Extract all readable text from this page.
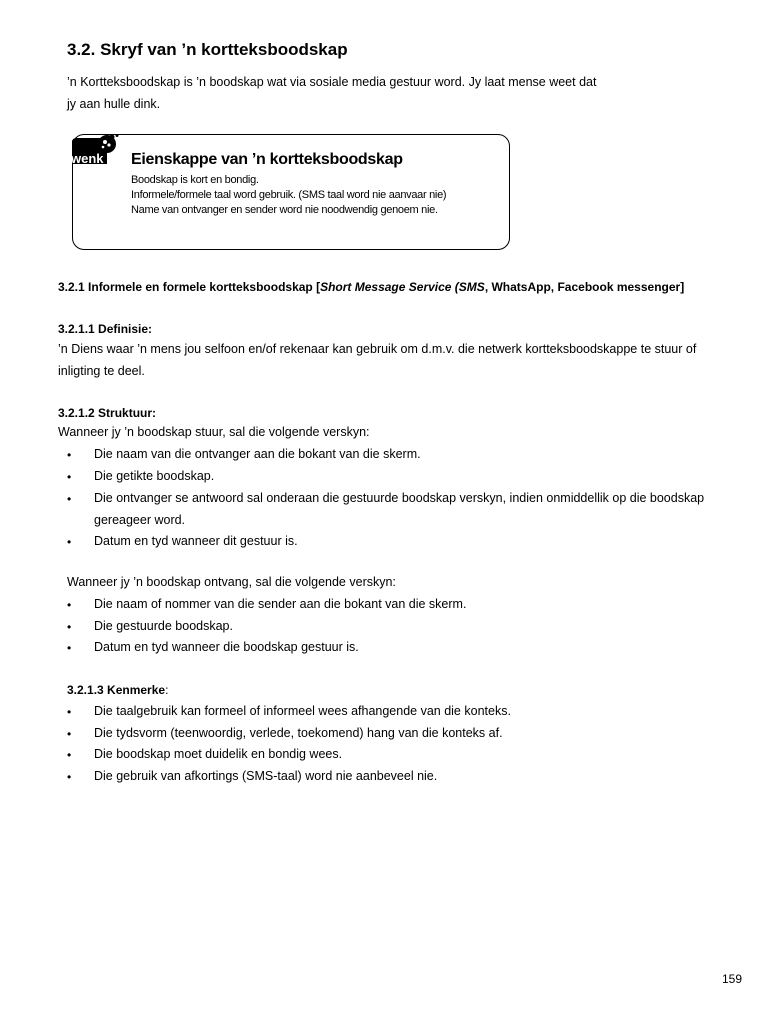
3.2. Skryf van ’n kortteksboodskap
’n Kortteksboodskap is ’n boodskap wat via sosiale media gestuur word. Jy laat mense weet dat jy aan hulle dink.
wenk Eienskappe van ’n kortteksboodskap
Boodskap is kort en bondig.
Informele/formele taal word gebruik. (SMS taal word nie aanvaar nie)
Name van ontvanger en sender word nie noodwendig genoem nie.
3.2.1 Informele en formele kortteksboodskap [Short Message Service (SMS, WhatsApp, Facebook messenger]
3.2.1.1 Definisie:
’n Diens waar ’n mens jou selfoon en/of rekenaar kan gebruik om d.m.v. die netwerk kortteksboodskappe te stuur of inligting te deel.
3.2.1.2 Struktuur:
Wanneer jy ’n boodskap stuur, sal die volgende verskyn:
• Die naam van die ontvanger aan die bokant van die skerm.
• Die getikte boodskap.
• Die ontvanger se antwoord sal onderaan die gestuurde boodskap verskyn, indien onmiddellik op die boodskap gereageer word.
• Datum en tyd wanneer dit gestuur is.
Wanneer jy ’n boodskap ontvang, sal die volgende verskyn:
• Die naam of nommer van die sender aan die bokant van die skerm.
• Die gestuurde boodskap.
• Datum en tyd wanneer die boodskap gestuur is.
3.2.1.3 Kenmerke:
• Die taalgebruik kan formeel of informeel wees afhangende van die konteks.
• Die tydsvorm (teenwoordig, verlede, toekomend) hang van die konteks af.
• Die boodskap moet duidelik en bondig wees.
• Die gebruik van afkortings (SMS-taal) word nie aanbeveel nie.
159
